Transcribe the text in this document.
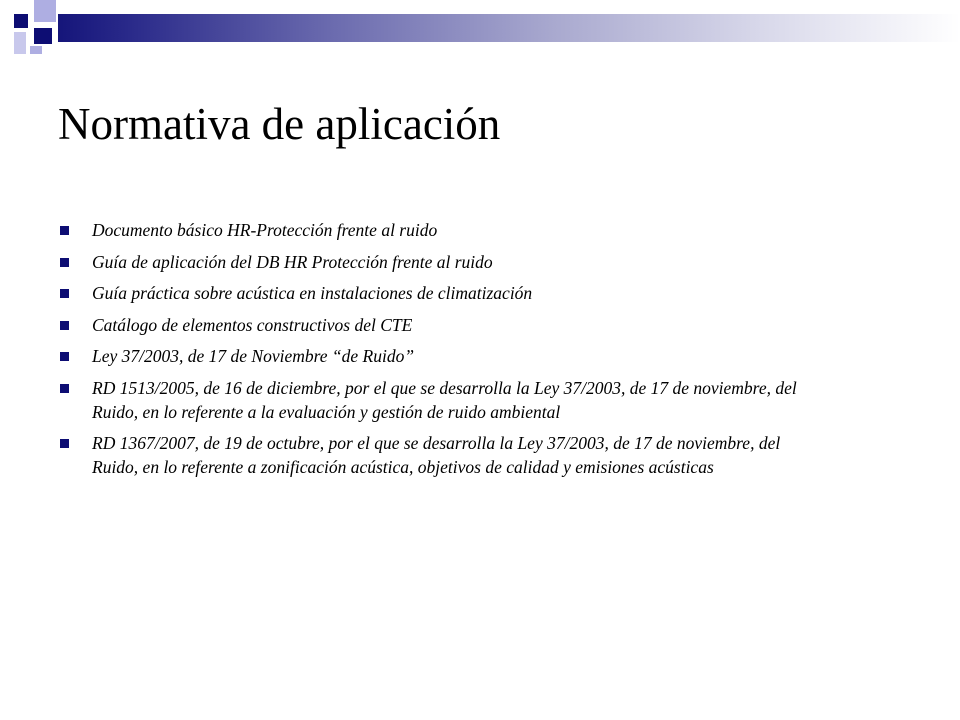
Normativa de aplicación
Documento básico HR-Protección frente al ruido
Guía de aplicación del DB HR Protección frente al ruido
Guía práctica sobre acústica en instalaciones de climatización
Catálogo de elementos constructivos del CTE
Ley 37/2003, de 17 de Noviembre “de Ruido”
RD 1513/2005, de 16 de diciembre, por el que se desarrolla la Ley 37/2003, de 17 de noviembre, del Ruido, en lo referente a la evaluación y gestión de ruido ambiental
RD 1367/2007, de 19 de octubre, por el que se desarrolla la Ley 37/2003, de 17 de noviembre, del Ruido, en lo referente a zonificación acústica, objetivos de calidad y emisiones acústicas
